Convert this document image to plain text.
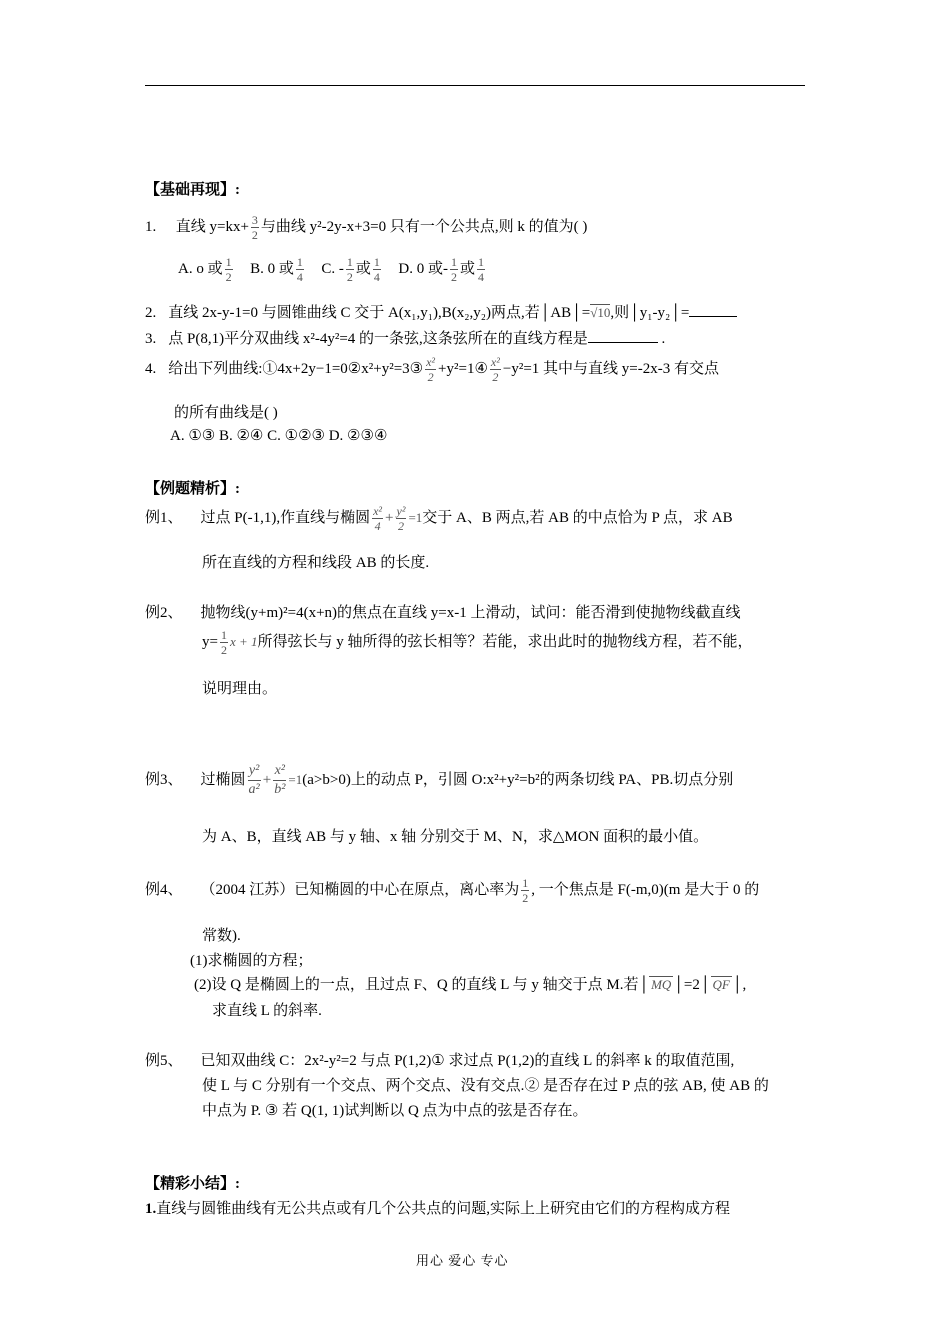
【基础再现】:
1. 直线 $y=kx+ \frac{3}{2}$ 与曲线 y²-2y-x+3=0 只有一个公共点,则 k 的值为( )
A. o 或 $\frac{1}{2} B$. 0 或 $\frac{1}{4} C$. - $\frac{1}{2}$ 或 $\frac{1}{4} D$. 0 或- $\frac{1}{2}$ 或 $\frac{1}{4}$
2. 直线 2x-y-1=0 与圆锥曲线 C 交于 A(x₁,y₁),B(x₂,y₂)两点,若│AB│=√10,则│y₁-y₂│=
3. 点 P(8,1)平分双曲线 x²-4y²=4 的一条弦,这条弦所在的直线方程是	.
4. 给出下列曲线:①4x+2y−1=0②x²+y²=3③ $\frac{\text{x²}}{2}$ +y²=1④ $\frac{\text{x²}}{2} -y^2=1$ 其中与直线 y=-2x-3 有交点
的所有曲线是( )
A. ①③ B. ②④ C. ①②③ D. ②③④
【例题精析】:
例1、 过点 P(-1,1),作直线与椭圆 $\frac{\text{x²}}{4} + \frac{\text{y²}}{2} =1$交于 A、B 两点,若 AB 的中点恰为 P 点，求 AB
所在直线的方程和线段 AB 的长度.
例2、 抛物线(y+m)²=4(x+n)的焦点在直线 y=x-1 上滑动，试问：能否滑到使抛物线截直线
$y= \frac{1}{2}$ x + 1所得弦长与 y 轴所得的弦长相等？若能，求出此时的抛物线方程，若不能，
说明理由。
例3、 过椭圆 $\frac{\text{y²}}{\text{a²}} + \frac{\text{x²}}{\text{b²}} =1(a>b>0)$上的动点 P，引圆 O:x²+y²=b²的两条切线 PA、PB.切点分别
为 A、B，直线 AB 与 y 轴、x 轴 分别交于 M、N，求△MON 面积的最小值。
例4、 （2004 江苏）已知椭圆的中心在原点，离心率为 $\frac{1}{2}$ , 一个焦点是 F(-m,0)(m 是大于 0 的
常数).
(1)求椭圆的方程；
(2)设 Q 是椭圆上的一点，且过点 F、Q 的直线 L 与 y 轴交于点 M.若│ MQ │=2│ QF │,
求直线 L 的斜率.
例5、 已知双曲线 C：2x²-y²=2 与点 P(1,2)① 求过点 P(1,2)的直线 L 的斜率 k 的取值范围,
使 L 与 C 分别有一个交点、两个交点、没有交点.② 是否存在过 P 点的弦 AB, 使 AB 的
中点为 P. ③ 若 Q(1, 1)试判断以 Q 点为中点的弦是否存在。
【精彩小结】:
1.直线与圆锥曲线有无公共点或有几个公共点的问题,实际上上研究由它们的方程构成方程
用心 爱心 专心
